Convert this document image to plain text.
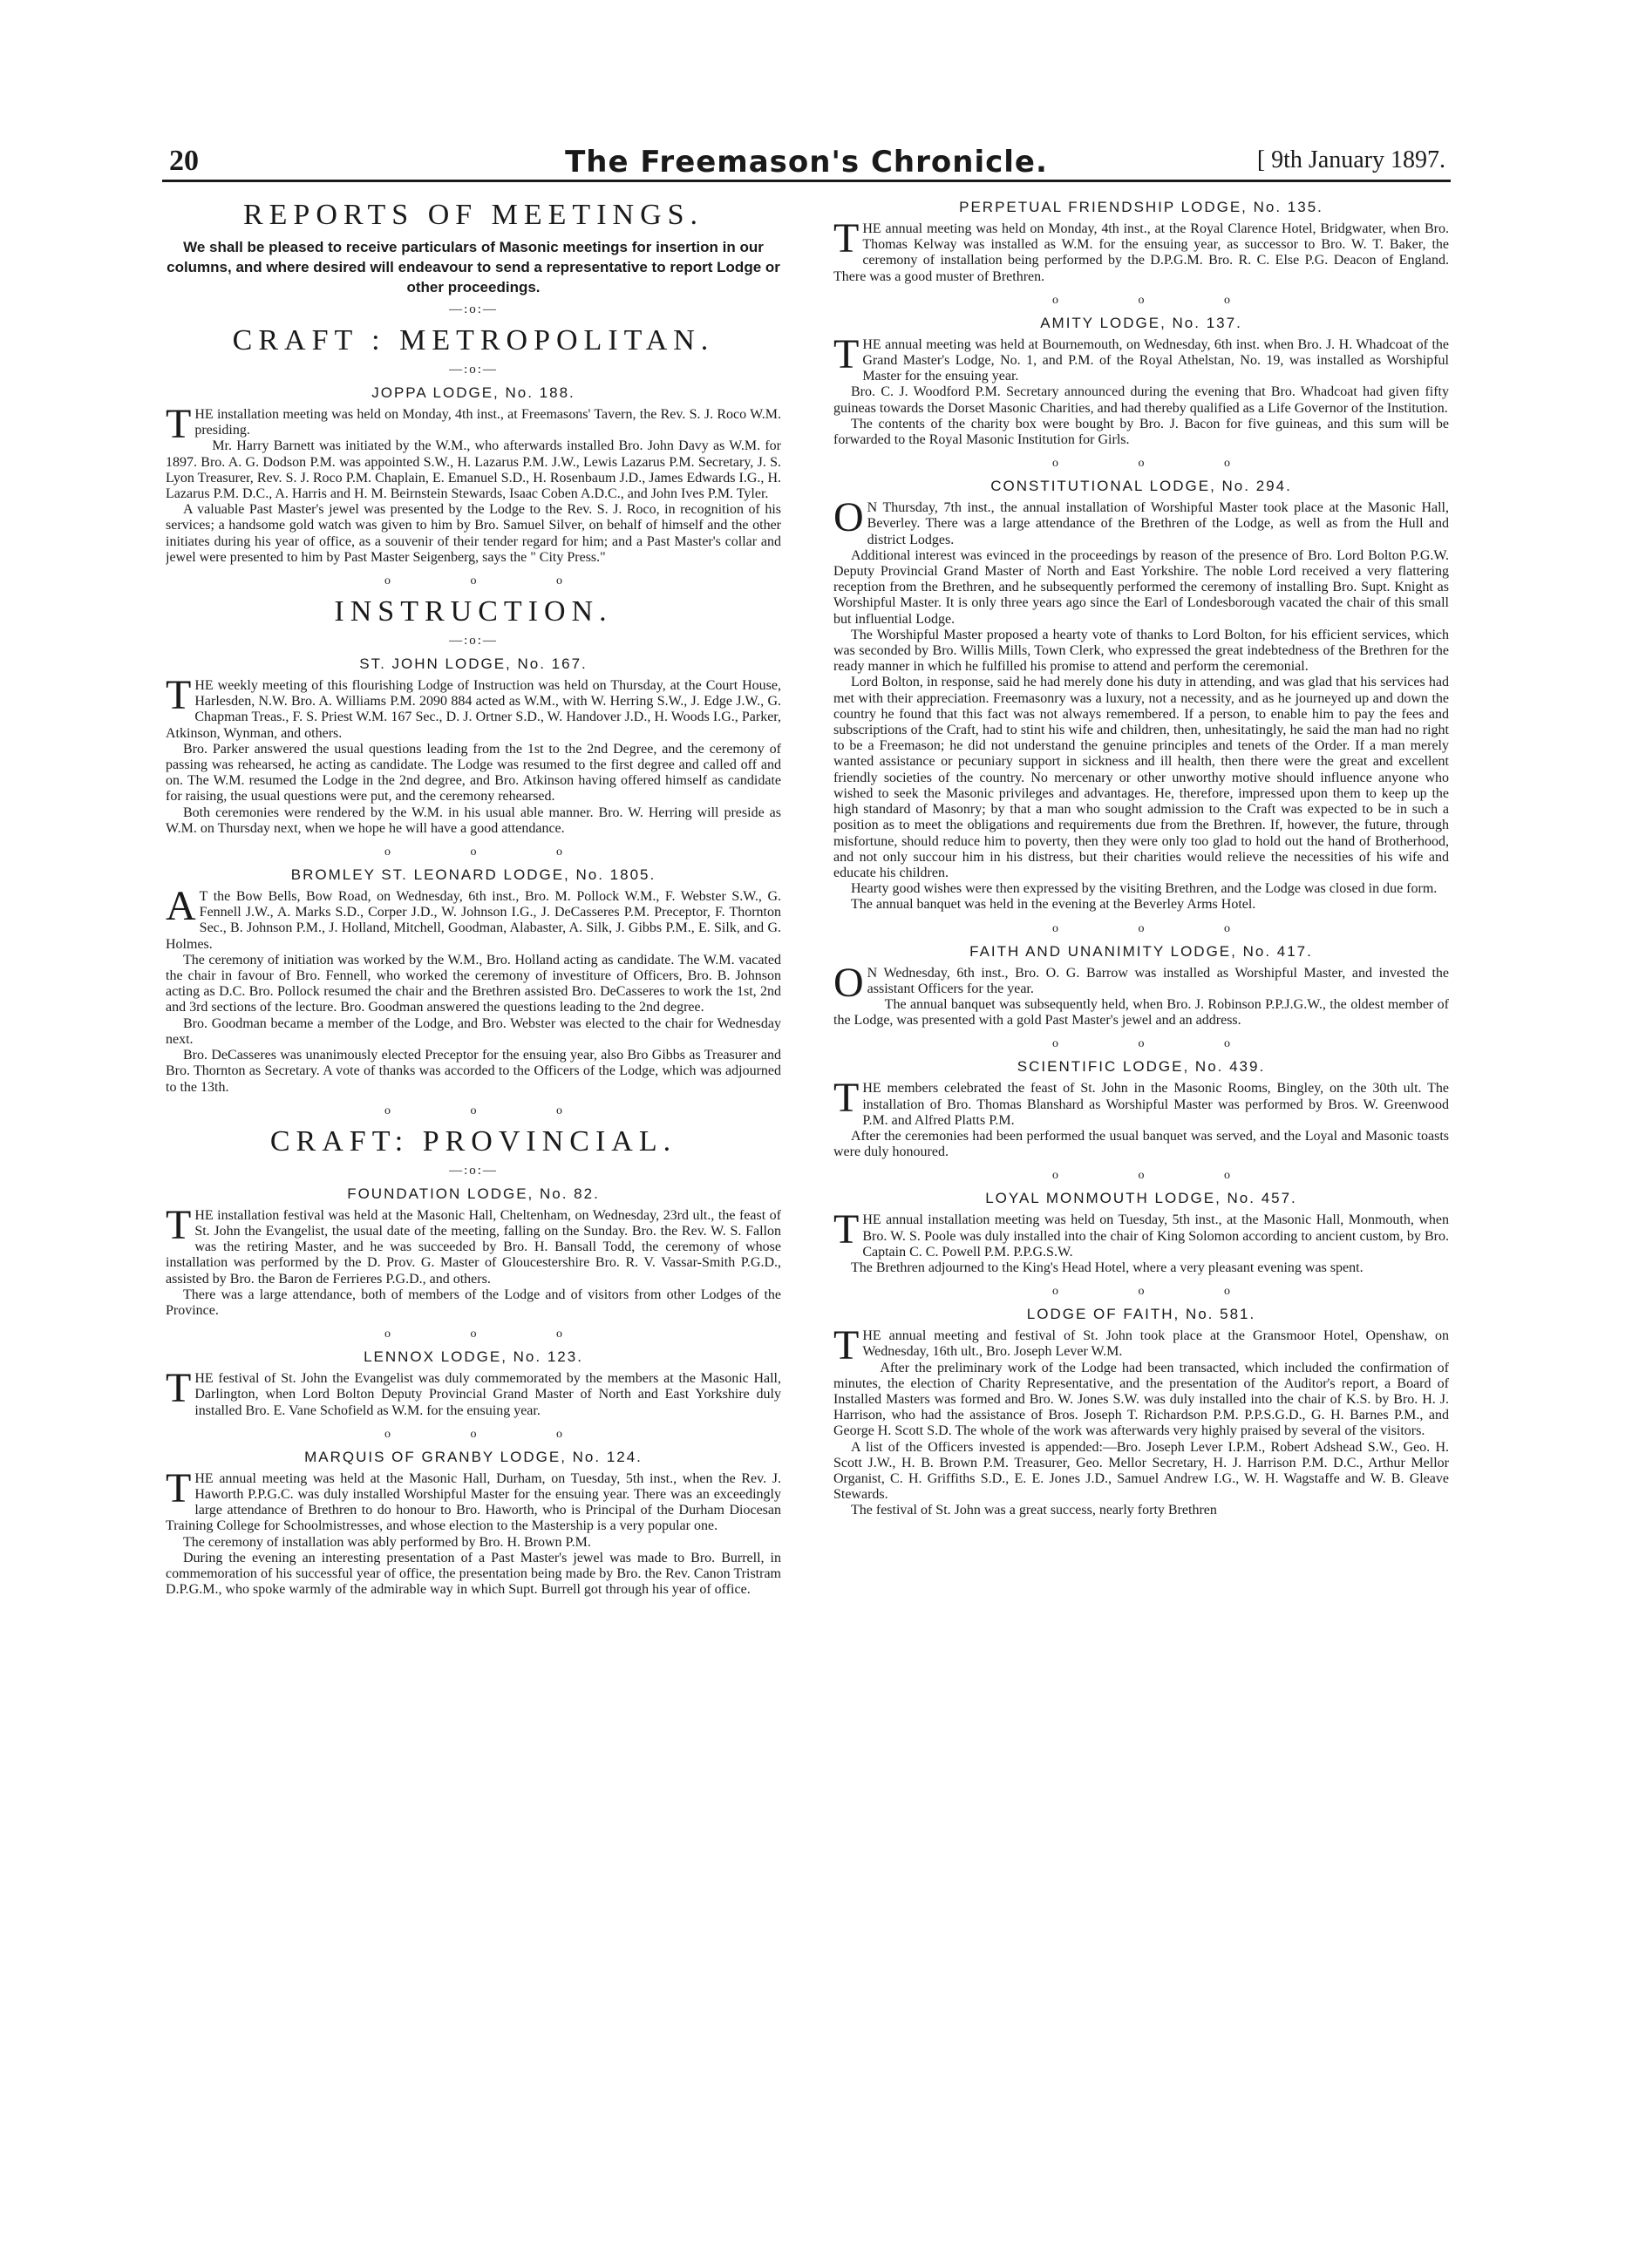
20	The Freemason's Chronicle.	[ 9th January 1897.
REPORTS OF MEETINGS.

We shall be pleased to receive particulars of Masonic meetings for insertion in our columns, and where desired will endeavour to send a representative to report Lodge or other proceedings.

—:o:—
CRAFT : METROPOLITAN.
—:o:—
JOPPA LODGE, No. 188.

THE installation meeting was held on Monday, 4th inst., at Freemasons' Tavern, the Rev. S. J. Roco W.M. presiding.

Mr. Harry Barnett was initiated by the W.M., who afterwards installed Bro. John Davy as W.M. for 1897. Bro. A. G. Dodson P.M. was appointed S.W., H. Lazarus P.M. J.W., Lewis Lazarus P.M. Secretary, J. S. Lyon Treasurer, Rev. S. J. Roco P.M. Chaplain, E. Emanuel S.D., H. Rosenbaum J.D., James Edwards I.G., H. Lazarus P.M. D.C., A. Harris and H. M. Beirnstein Stewards, Isaac Coben A.D.C., and John Ives P.M. Tyler.

A valuable Past Master's jewel was presented by the Lodge to the Rev. S. J. Roco, in recognition of his services; a handsome gold watch was given to him by Bro. Samuel Silver, on behalf of himself and the other initiates during his year of office, as a souvenir of their tender regard for him; and a Past Master's collar and jewel were presented to him by Past Master Seigenberg, says the " City Press."

o o o
INSTRUCTION.
—:o:—
ST. JOHN LODGE, No. 167.

THE weekly meeting of this flourishing Lodge of Instruction was held on Thursday, at the Court House, Harlesden, N.W. Bro. A. Williams P.M. 2090 884 acted as W.M., with W. Herring S.W., J. Edge J.W., G. Chapman Treas., F. S. Priest W.M. 167 Sec., D. J. Ortner S.D., W. Handover J.D., H. Woods I.G., Parker, Atkinson, Wynman, and others.

Bro. Parker answered the usual questions leading from the 1st to the 2nd Degree, and the ceremony of passing was rehearsed, he acting as candidate. The Lodge was resumed to the first degree and called off and on. The W.M. resumed the Lodge in the 2nd degree, and Bro. Atkinson having offered himself as candidate for raising, the usual questions were put, and the ceremony rehearsed.

Both ceremonies were rendered by the W.M. in his usual able manner. Bro. W. Herring will preside as W.M. on Thursday next, when we hope he will have a good attendance.

o o o
BROMLEY ST. LEONARD LODGE, No. 1805.

A T the Bow Bells, Bow Road, on Wednesday, 6th inst., Bro. M. Pollock W.M., F. Webster S.W., G. Fennell J.W., A. Marks S.D., Corper J.D., W. Johnson I.G., J. DeCasseres P.M. Preceptor, F. Thornton Sec., B. Johnson P.M., J. Holland, Mitchell, Goodman, Alabaster, A. Silk, J. Gibbs P.M., E. Silk, and G. Holmes.

The ceremony of initiation was worked by the W.M., Bro. Holland acting as candidate. The W.M. vacated the chair in favour of Bro. Fennell, who worked the ceremony of investiture of Officers, Bro. B. Johnson acting as D.C. Bro. Pollock resumed the chair and the Brethren assisted Bro. DeCasseres to work the 1st, 2nd and 3rd sections of the lecture. Bro. Goodman answered the questions leading to the 2nd degree.

Bro. Goodman became a member of the Lodge, and Bro. Webster was elected to the chair for Wednesday next.

Bro. DeCasseres was unanimously elected Preceptor for the ensuing year, also Bro Gibbs as Treasurer and Bro. Thornton as Secretary. A vote of thanks was accorded to the Officers of the Lodge, which was adjourned to the 13th.

o o o
CRAFT: PROVINCIAL.
—:o:—
FOUNDATION LODGE, No. 82.

THE installation festival was held at the Masonic Hall, Cheltenham, on Wednesday, 23rd ult., the feast of St. John the Evangelist, the usual date of the meeting, falling on the Sunday. Bro. the Rev. W. S. Fallon was the retiring Master, and he was succeeded by Bro. H. Bansall Todd, the ceremony of whose installation was performed by the D. Prov. G. Master of Gloucestershire Bro. R. V. Vassar-Smith P.G.D., assisted by Bro. the Baron de Ferrieres P.G.D., and others.

There was a large attendance, both of members of the Lodge and of visitors from other Lodges of the Province.

o o o
LENNOX LODGE, No. 123.

THE festival of St. John the Evangelist was duly commemorated by the members at the Masonic Hall, Darlington, when Lord Bolton Deputy Provincial Grand Master of North and East Yorkshire duly installed Bro. E. Vane Schofield as W.M. for the ensuing year.

o o o
MARQUIS OF GRANBY LODGE, No. 124.

THE annual meeting was held at the Masonic Hall, Durham, on Tuesday, 5th inst., when the Rev. J. Haworth P.P.G.C. was duly installed Worshipful Master for the ensuing year. There was an exceedingly large attendance of Brethren to do honour to Bro. Haworth, who is Principal of the Durham Diocesan Training College for Schoolmistresses, and whose election to the Mastership is a very popular one.

The ceremony of installation was ably performed by Bro. H. Brown P.M.

During the evening an interesting presentation of a Past Master's jewel was made to Bro. Burrell, in commemoration of his successful year of office, the presentation being made by Bro. the Rev. Canon Tristram D.P.G.M., who spoke warmly of the admirable way in which Supt. Burrell got through his year of office.

PERPETUAL FRIENDSHIP LODGE, No. 135.

THE annual meeting was held on Monday, 4th inst., at the Royal Clarence Hotel, Bridgwater, when Bro. Thomas Kelway was installed as W.M. for the ensuing year, as successor to Bro. W. T. Baker, the ceremony of installation being performed by the D.P.G.M. Bro. R. C. Else P.G. Deacon of England. There was a good muster of Brethren.

o o o
AMITY LODGE, No. 137.

THE annual meeting was held at Bournemouth, on Wednesday, 6th inst. when Bro. J. H. Whadcoat of the Grand Master's Lodge, No. 1, and P.M. of the Royal Athelstan, No. 19, was installed as Worshipful Master for the ensuing year.

Bro. C. J. Woodford P.M. Secretary announced during the evening that Bro. Whadcoat had given fifty guineas towards the Dorset Masonic Charities, and had thereby qualified as a Life Governor of the Institution.

The contents of the charity box were bought by Bro. J. Bacon for five guineas, and this sum will be forwarded to the Royal Masonic Institution for Girls.

o o o
CONSTITUTIONAL LODGE, No. 294.

O N Thursday, 7th inst., the annual installation of Worshipful Master took place at the Masonic Hall, Beverley. There was a large attendance of the Brethren of the Lodge, as well as from the Hull and district Lodges.

Additional interest was evinced in the proceedings by reason of the presence of Bro. Lord Bolton P.G.W. Deputy Provincial Grand Master of North and East Yorkshire. The noble Lord received a very flattering reception from the Brethren, and he subsequently performed the ceremony of installing Bro. Supt. Knight as Worshipful Master. It is only three years ago since the Earl of Londesborough vacated the chair of this small but influential Lodge.

The Worshipful Master proposed a hearty vote of thanks to Lord Bolton, for his efficient services, which was seconded by Bro. Willis Mills, Town Clerk, who expressed the great indebtedness of the Brethren for the ready manner in which he fulfilled his promise to attend and perform the ceremonial.

Lord Bolton, in response, said he had merely done his duty in attending, and was glad that his services had met with their appreciation. Freemasonry was a luxury, not a necessity, and as he journeyed up and down the country he found that this fact was not always remembered. If a person, to enable him to pay the fees and subscriptions of the Craft, had to stint his wife and children, then, unhesitatingly, he said the man had no right to be a Freemason; he did not understand the genuine principles and tenets of the Order. If a man merely wanted assistance or pecuniary support in sickness and ill health, then there were the great and excellent friendly societies of the country. No mercenary or other unworthy motive should influence anyone who wished to seek the Masonic privileges and advantages. He, therefore, impressed upon them to keep up the high standard of Masonry; by that a man who sought admission to the Craft was expected to be in such a position as to meet the obligations and requirements due from the Brethren. If, however, the future, through misfortune, should reduce him to poverty, then they were only too glad to hold out the hand of Brotherhood, and not only succour him in his distress, but their charities would relieve the necessities of his wife and educate his children.

Hearty good wishes were then expressed by the visiting Brethren, and the Lodge was closed in due form.

The annual banquet was held in the evening at the Beverley Arms Hotel.

o o o
FAITH AND UNANIMITY LODGE, No. 417.

O N Wednesday, 6th inst., Bro. O. G. Barrow was installed as Worshipful Master, and invested the assistant Officers for the year.

The annual banquet was subsequently held, when Bro. J. Robinson P.P.J.G.W., the oldest member of the Lodge, was presented with a gold Past Master's jewel and an address.

o o o
SCIENTIFIC LODGE, No. 439.

THE members celebrated the feast of St. John in the Masonic Rooms, Bingley, on the 30th ult. The installation of Bro. Thomas Blanshard as Worshipful Master was performed by Bros. W. Greenwood P.M. and Alfred Platts P.M.

After the ceremonies had been performed the usual banquet was served, and the Loyal and Masonic toasts were duly honoured.

o o o
LOYAL MONMOUTH LODGE, No. 457.

THE annual installation meeting was held on Tuesday, 5th inst., at the Masonic Hall, Monmouth, when Bro. W. S. Poole was duly installed into the chair of King Solomon according to ancient custom, by Bro. Captain C. C. Powell P.M. P.P.G.S.W.

The Brethren adjourned to the King's Head Hotel, where a very pleasant evening was spent.

o o o
LODGE OF FAITH, No. 581.

THE annual meeting and festival of St. John took place at the Gransmoor Hotel, Openshaw, on Wednesday, 16th ult., Bro. Joseph Lever W.M.

After the preliminary work of the Lodge had been transacted, which included the confirmation of minutes, the election of Charity Representative, and the presentation of the Auditor's report, a Board of Installed Masters was formed and Bro. W. Jones S.W. was duly installed into the chair of K.S. by Bro. H. J. Harrison, who had the assistance of Bros. Joseph T. Richardson P.M. P.P.S.G.D., G. H. Barnes P.M., and George H. Scott S.D. The whole of the work was afterwards very highly praised by several of the visitors.

A list of the Officers invested is appended:—Bro. Joseph Lever I.P.M., Robert Adshead S.W., Geo. H. Scott J.W., H. B. Brown P.M. Treasurer, Geo. Mellor Secretary, H. J. Harrison P.M. D.C., Arthur Mellor Organist, C. H. Griffiths S.D., E. E. Jones J.D., Samuel Andrew I.G., W. H. Wagstaffe and W. B. Gleave Stewards.

The festival of St. John was a great success, nearly forty Brethren
